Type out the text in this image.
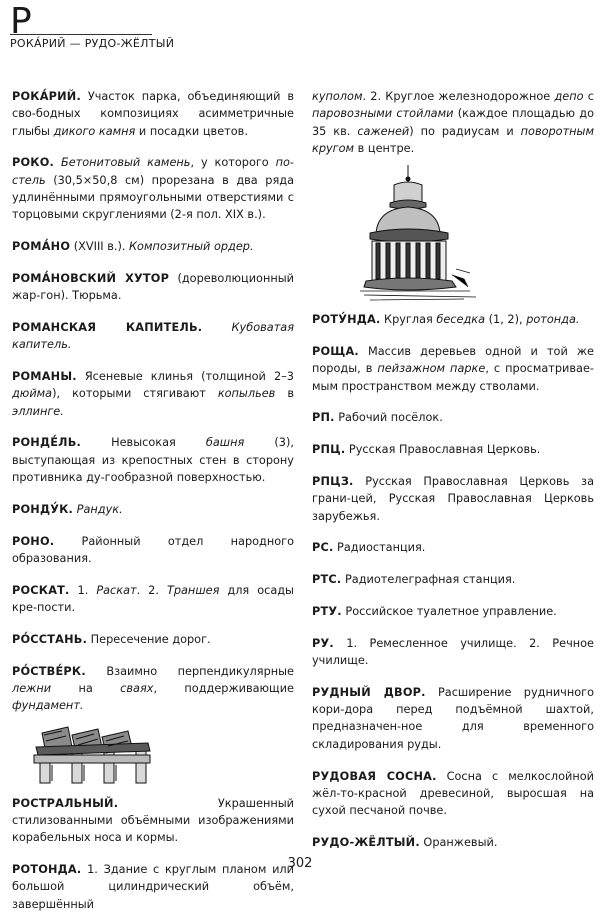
Р
РОКА́РИЙ — РУДО-ЖЁЛТЫЙ
РОКА́РИЙ. Участок парка, объединяющий в сво-бодных композициях асимметричные глыбы дикого камня и посадки цветов.
РОКО. Бетонитовый камень, у которого по-стель (30,5×50,8 см) прорезана в два ряда удлинёнными прямоугольными отверстиями с торцовыми скруглениями (2-я пол. XIX в.).
РОМА́НО (XVIII в.). Композитный ордер.
РОМА́НОВСКИЙ ХУТОР (дореволюционный жар-гон). Тюрьма.
РОМАНСКАЯ КАПИТЕЛЬ.	Кубоватая капитель.
РОМАНЫ. Ясеневые клинья (толщиной 2–3 дюйма), которыми стягивают копыльев в эллинге.
РОНДЕ́ЛЬ. Невысокая башня (3), выступающая из крепостных стен в сторону противника ду-гообразной поверхностью.
РОНДУ́К. Рандук.
РОНО. Районный отдел народного образования.
РОСКАТ. 1. Раскат. 2. Траншея для осады кре-пости.
РО́ССТАНЬ. Пересечение дорог.
РО́СТВЕ́РК. Взаимно перпендикулярные лежни на сваях, поддерживающие фундамент.
РОСТРАЛЬНЫЙ. Украшенный стилизованными объёмными изображениями корабельных носа и кормы.
РОТОНДА. 1. Здание с круглым планом или большой цилиндрический объём, завершённый
куполом. 2. Круглое железнодорожное депо с паровозными стойлами (каждое площадью до 35 кв. саженей) по радиусам и поворотным кругом в центре.
РОТУ́НДА. Круглая беседка (1, 2), ротонда.
РОЩА. Массив деревьев одной и той же породы, в пейзажном парке, с просматривае-мым пространством между стволами.
РП. Рабочий посёлок.
РПЦ. Русская Православная Церковь.
РПЦЗ. Русская Православная Церковь за грани-цей, Русская Православная Церковь зарубежья.
РС. Радиостанция.
РТС. Радиотелеграфная станция.
РТУ. Российское туалетное управление.
РУ. 1. Ремесленное училище. 2. Речное училище.
РУДНЫЙ ДВОР. Расширение рудничного кори-дора перед подъёмной шахтой, предназначен-ное для временного складирования руды.
РУДОВАЯ СОСНА. Сосна с мелкослойной жёл-то-красной древесиной, выросшая на сухой песчаной почве.
РУДО-ЖЁЛТЫЙ. Оранжевый.
302
